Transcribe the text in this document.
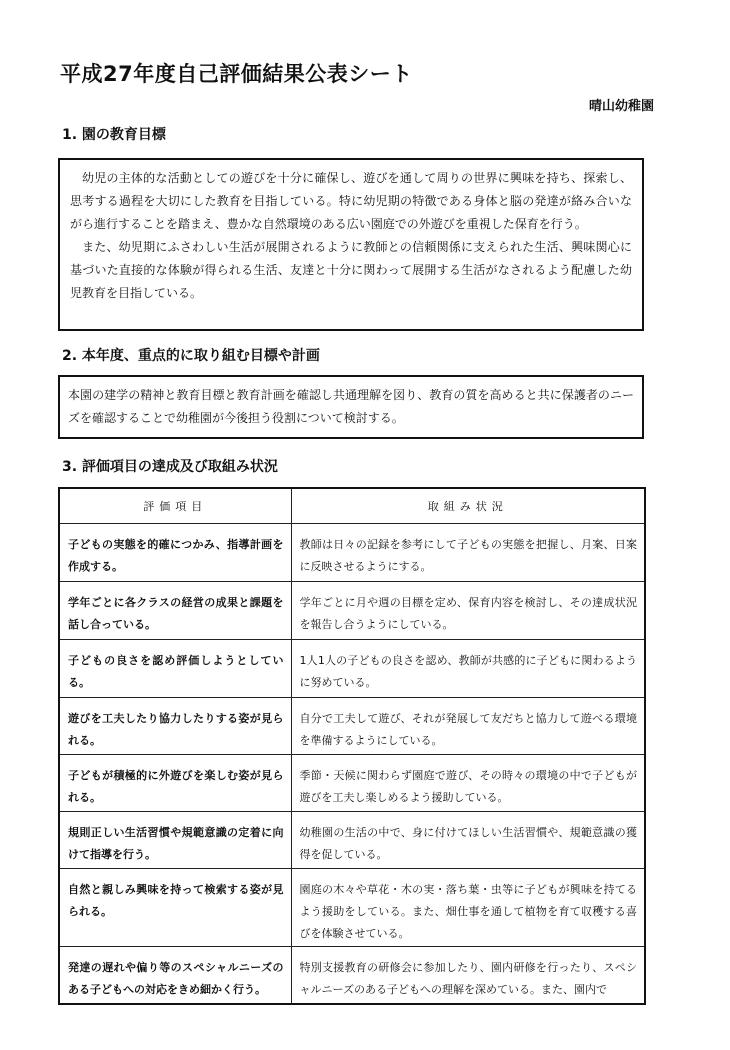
平成27年度自己評価結果公表シート
晴山幼稚園
1. 園の教育目標

幼児の主体的な活動としての遊びを十分に確保し、遊びを通して周りの世界に興味を持ち、探索し、思考する過程を大切にした教育を目指している。特に幼児期の特徴である身体と脳の発達が絡み合いながら進行することを踏まえ、豊かな自然環境のある広い園庭での外遊びを重視した保育を行う。

また、幼児期にふさわしい生活が展開されるように教師との信頼関係に支えられた生活、興味関心に基づいた直接的な体験が得られる生活、友達と十分に関わって展開する生活がなされるよう配慮した幼児教育を目指している。

2. 本年度、重点的に取り組む目標や計画

本園の建学の精神と教育目標と教育計画を確認し共通理解を図り、教育の質を高めると共に保護者のニーズを確認することで幼稚園が今後担う役割について検討する。

3. 評価項目の達成及び取組み状況
評価項目	取組み状況
子どもの実態を的確につかみ、指導計画を作成する。	教師は日々の記録を参考にして子どもの実態を把握し、月案、日案に反映させるようにする。
学年ごとに各クラスの経営の成果と課題を話し合っている。	学年ごとに月や週の目標を定め、保育内容を検討し、その達成状況を報告し合うようにしている。
子どもの良さを認め評価しようとしている。	1人1人の子どもの良さを認め、教師が共感的に子どもに関わるように努めている。
遊びを工夫したり協力したりする姿が見られる。	自分で工夫して遊び、それが発展して友だちと協力して遊べる環境を準備するようにしている。
子どもが積極的に外遊びを楽しむ姿が見られる。	季節・天候に関わらず園庭で遊び、その時々の環境の中で子どもが遊びを工夫し楽しめるよう援助している。
規則正しい生活習慣や規範意識の定着に向けて指導を行う。	幼稚園の生活の中で、身に付けてほしい生活習慣や、規範意識の獲得を促している。
自然と親しみ興味を持って検索する姿が見られる。	園庭の木々や草花・木の実・落ち葉・虫等に子どもが興味を持てるよう援助をしている。また、畑仕事を通して植物を育て収穫する喜びを体験させている。
発達の遅れや偏り等のスペシャルニーズのある子どもへの対応をきめ細かく行う。	特別支援教育の研修会に参加したり、園内研修を行ったり、スペシャルニーズのある子どもへの理解を深めている。また、園内で
